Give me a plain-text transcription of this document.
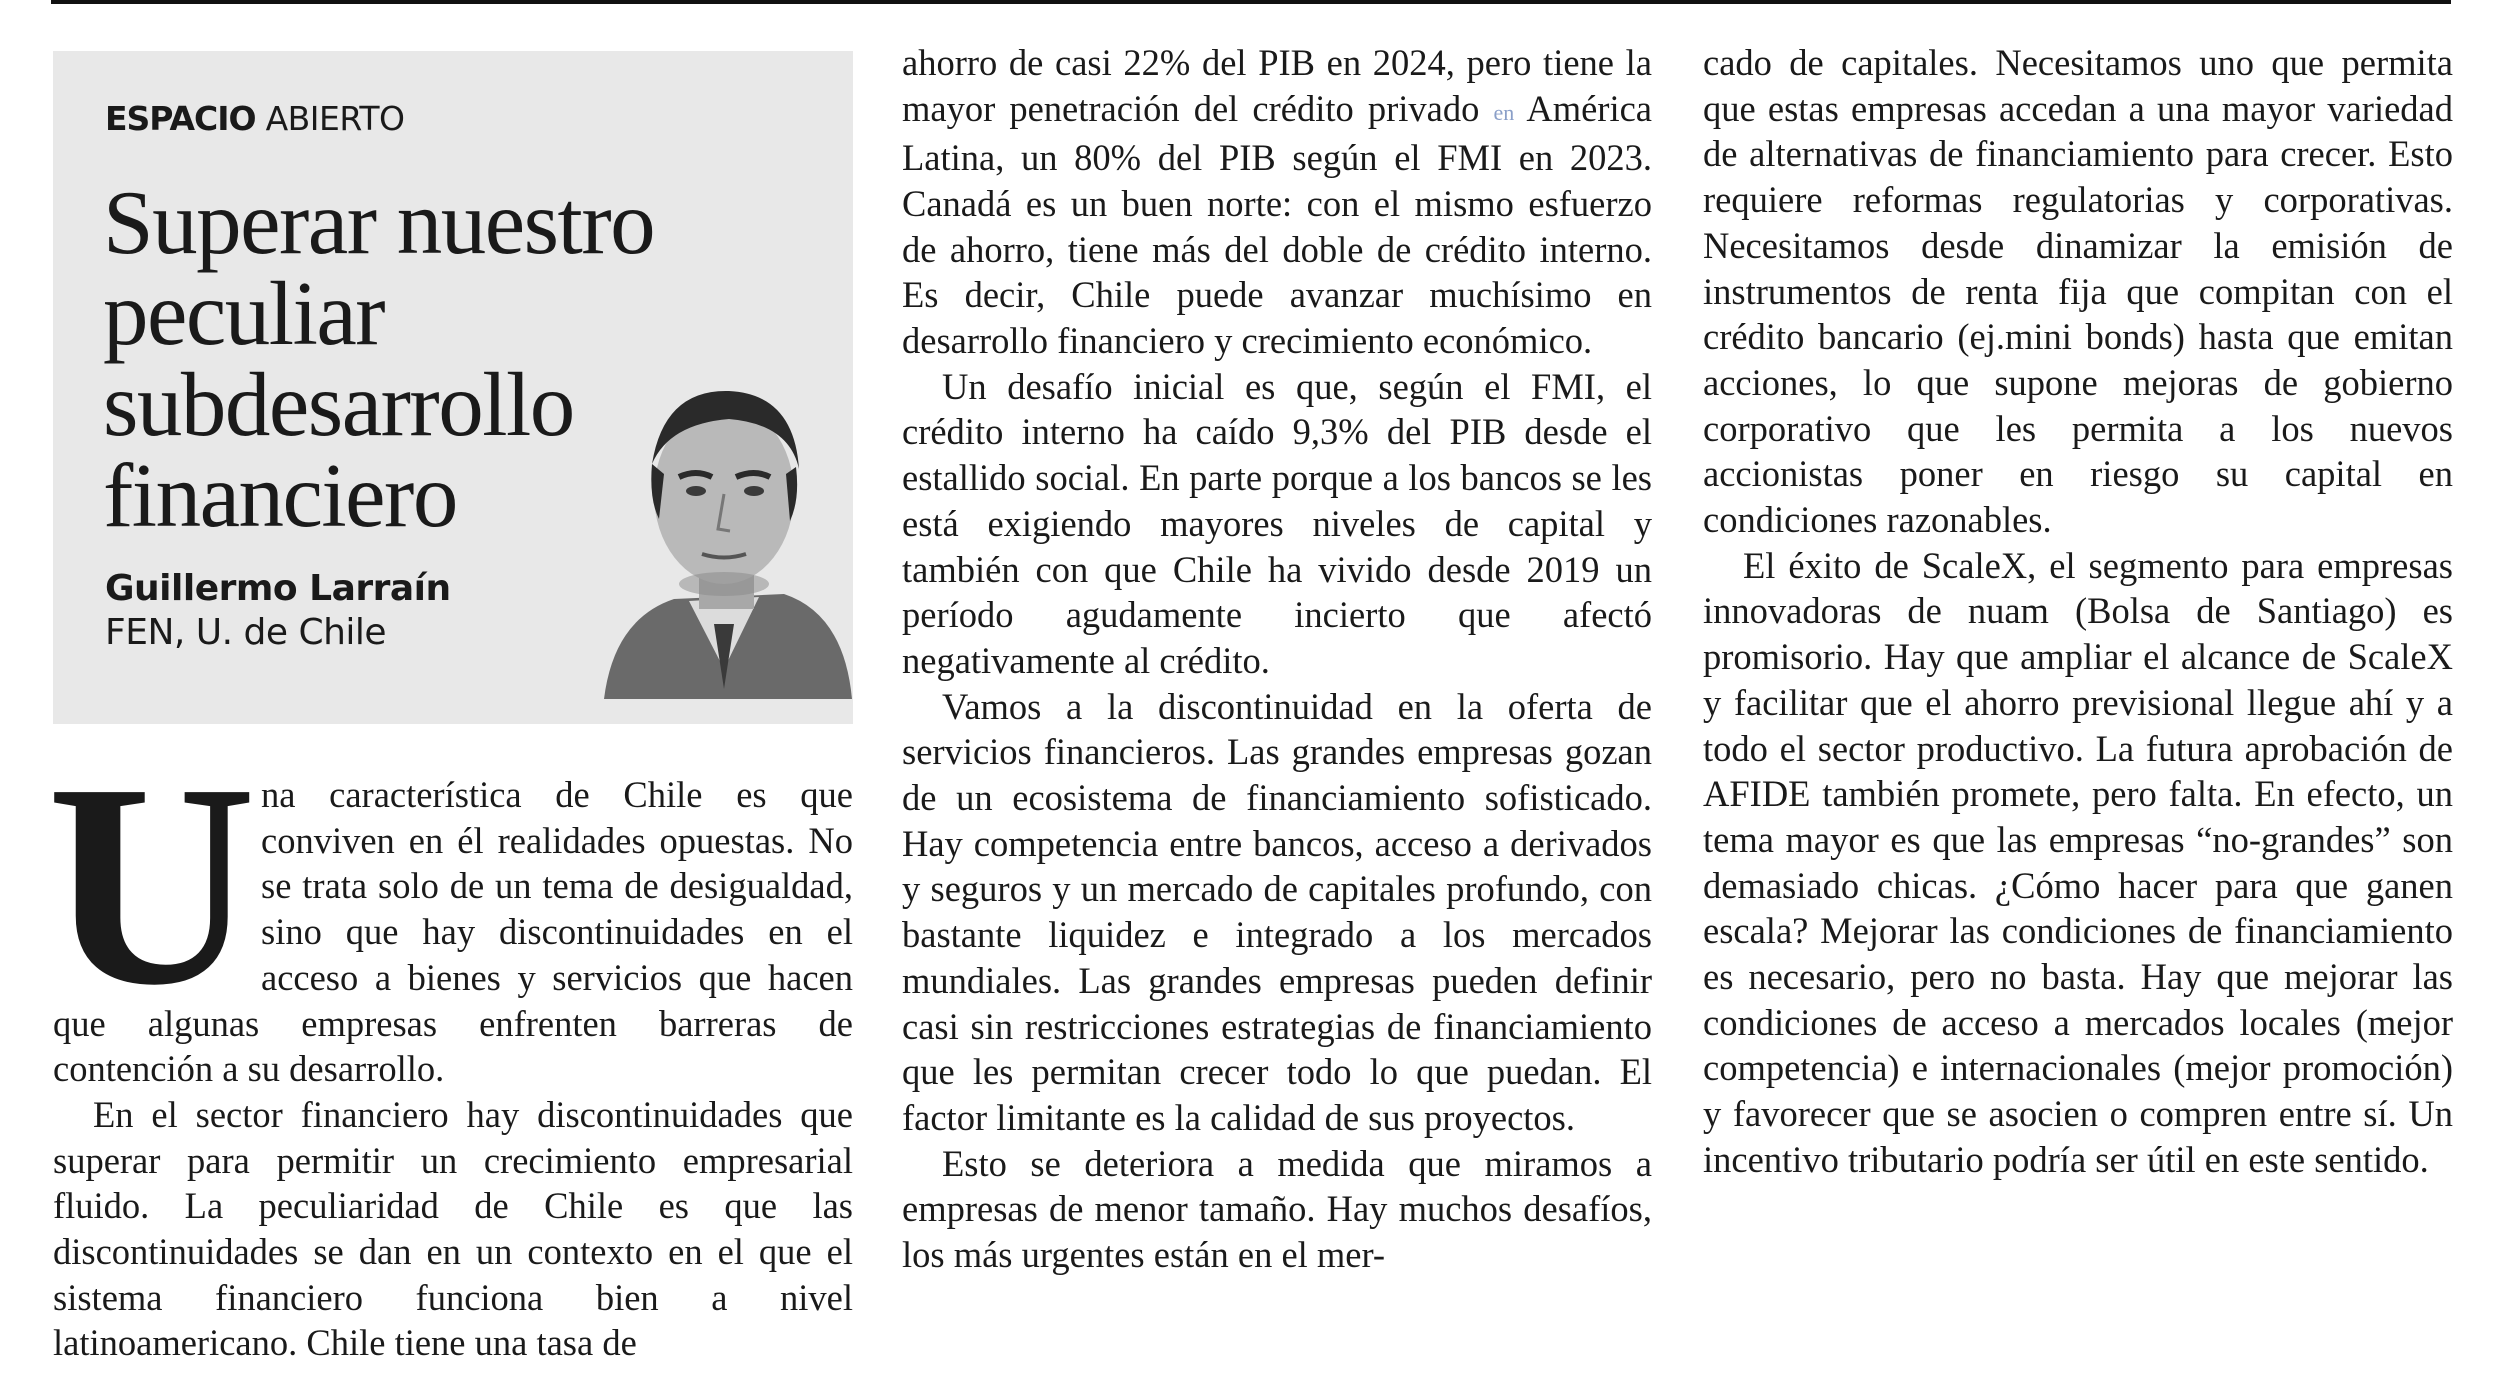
ESPACIO ABIERTO
Superar nuestro
peculiar
subdesarrollo
financiero
Guillermo Larraín
FEN, U. de Chile

U na característica de Chile es que conviven en él realidades opuestas. No se trata solo de un tema de desigualdad, sino que hay discontinuidades en el acceso a bienes y servicios que hacen que algunas empresas enfrenten barreras de contención a su desarrollo.

En el sector financiero hay discontinuidades que superar para permitir un crecimiento empresarial fluido. La peculiaridad de Chile es que las discontinuidades se dan en un contexto en el que el sistema financiero funciona bien a nivel latinoamericano. Chile tiene una tasa de

ahorro de casi 22% del PIB en 2024, pero tiene la mayor penetración del crédito privado en América Latina, un 80% del PIB según el FMI en 2023. Canadá es un buen norte: con el mismo esfuerzo de ahorro, tiene más del doble de crédito interno. Es decir, Chile puede avanzar muchísimo en desarrollo financiero y crecimiento económico.

Un desafío inicial es que, según el FMI, el crédito interno ha caído 9,3% del PIB desde el estallido social. En parte porque a los bancos se les está exigiendo mayores niveles de capital y también con que Chile ha vivido desde 2019 un período agudamente incierto que afectó negativamente al crédito.

Vamos a la discontinuidad en la oferta de servicios financieros. Las grandes empresas gozan de un ecosistema de financiamiento sofisticado. Hay competencia entre bancos, acceso a derivados y seguros y un mercado de capitales profundo, con bastante liquidez e integrado a los mercados mundiales. Las grandes empresas pueden definir casi sin restricciones estrategias de financiamiento que les permitan crecer todo lo que puedan. El factor limitante es la calidad de sus proyectos.

Esto se deteriora a medida que miramos a empresas de menor tamaño. Hay muchos desafíos, los más urgentes están en el mer-

cado de capitales. Necesitamos uno que permita que estas empresas accedan a una mayor variedad de alternativas de financiamiento para crecer. Esto requiere reformas regulatorias y corporativas. Necesitamos desde dinamizar la emisión de instrumentos de renta fija que compitan con el crédito bancario (ej.mini bonds) hasta que emitan acciones, lo que supone mejoras de gobierno corporativo que les permita a los nuevos accionistas poner en riesgo su capital en condiciones razonables.

El éxito de ScaleX, el segmento para empresas innovadoras de nuam (Bolsa de Santiago) es promisorio. Hay que ampliar el alcance de ScaleX y facilitar que el ahorro previsional llegue ahí y a todo el sector productivo. La futura aprobación de AFIDE también promete, pero falta. En efecto, un tema mayor es que las empresas “no-grandes” son demasiado chicas. ¿Cómo hacer para que ganen escala? Mejorar las condiciones de financiamiento es necesario, pero no basta. Hay que mejorar las condiciones de acceso a mercados locales (mejor competencia) e internacionales (mejor promoción) y favorecer que se asocien o compren entre sí. Un incentivo tributario podría ser útil en este sentido.
